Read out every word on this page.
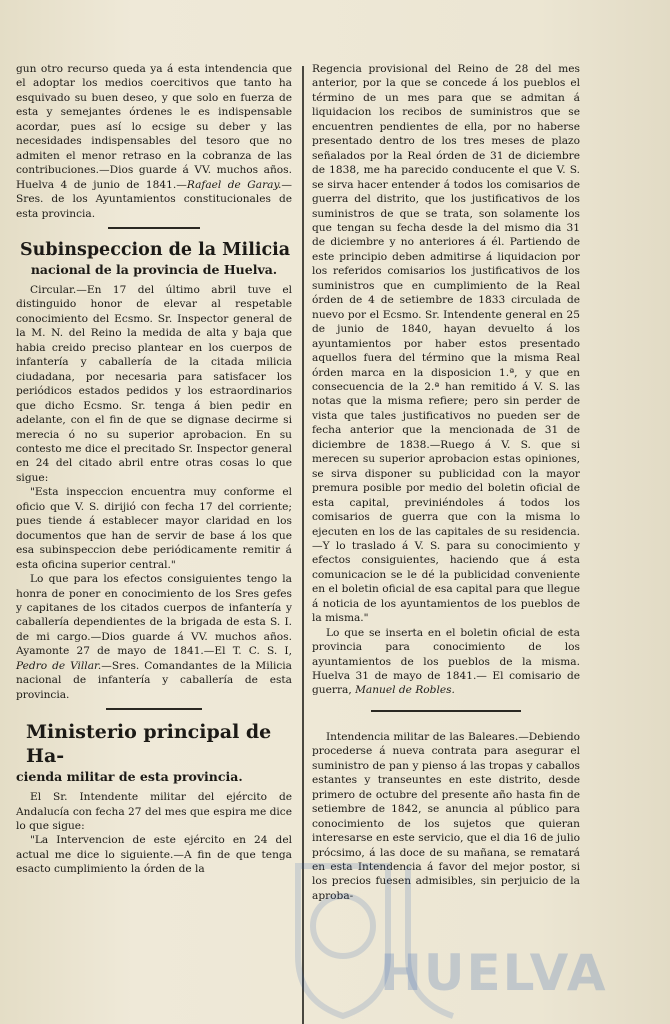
gun otro recurso queda ya á esta intendencia que el adoptar los medios coercitivos que tanto ha esquivado su buen deseo, y que solo en fuerza de esta y semejantes órdenes le es indispensable acordar, pues así lo ecsige su deber y las necesidades indispensables del tesoro que no admiten el menor retraso en la cobranza de las contribuciones.—Dios guarde á VV. muchos años. Huelva 4 de junio de 1841.—Rafael de Garay.—Sres. de los Ayuntamientos constitucionales de esta provincia.

Subinspeccion de la Milicia
nacional de la provincia de Huelva.

Circular.—En 17 del último abril tuve el distinguido honor de elevar al respetable conocimiento del Ecsmo. Sr. Inspector general de la M. N. del Reino la medida de alta y baja que habia creido preciso plantear en los cuerpos de infantería y caballería de la citada milicia ciudadana, por necesaria para satisfacer los periódicos estados pedidos y los estraordinarios que dicho Ecsmo. Sr. tenga á bien pedir en adelante, con el fin de que se dignase decirme si merecia ó no su superior aprobacion. En su contesto me dice el precitado Sr. Inspector general en 24 del citado abril entre otras cosas lo que sigue:

"Esta inspeccion encuentra muy conforme el oficio que V. S. dirijió con fecha 17 del corriente; pues tiende á establecer mayor claridad en los documentos que han de servir de base á los que esa subinspeccion debe periódicamente remitir á esta oficina superior central."

Lo que para los efectos consiguientes tengo la honra de poner en conocimiento de los Sres gefes y capitanes de los citados cuerpos de infantería y caballería dependientes de la brigada de esta S. I. de mi cargo.—Dios guarde á VV. muchos años. Ayamonte 27 de mayo de 1841.—El T. C. S. I, Pedro de Villar.—Sres. Comandantes de la Milicia nacional de infantería y caballería de esta provincia.

Ministerio principal de Ha-
cienda militar de esta provincia.

El Sr. Intendente militar del ejército de Andalucía con fecha 27 del mes que espira me dice lo que sigue:

"La Intervencion de este ejército en 24 del actual me dice lo siguiente.—A fin de que tenga esacto cumplimiento la órden de la

Regencia provisional del Reino de 28 del mes anterior, por la que se concede á los pueblos el término de un mes para que se admitan á liquidacion los recibos de suministros que se encuentren pendientes de ella, por no haberse presentado dentro de los tres meses de plazo señalados por la Real órden de 31 de diciembre de 1838, me ha parecido conducente el que V. S. se sirva hacer entender á todos los comisarios de guerra del distrito, que los justificativos de los suministros de que se trata, son solamente los que tengan su fecha desde la del mismo dia 31 de diciembre y no anteriores á él. Partiendo de este principio deben admitirse á liquidacion por los referidos comisarios los justificativos de los suministros que en cumplimiento de la Real órden de 4 de setiembre de 1833 circulada de nuevo por el Ecsmo. Sr. Intendente general en 25 de junio de 1840, hayan devuelto á los ayuntamientos por haber estos presentado aquellos fuera del término que la misma Real órden marca en la disposicion 1.ª, y que en consecuencia de la 2.ª han remitido á V. S. las notas que la misma refiere; pero sin perder de vista que tales justificativos no pueden ser de fecha anterior que la mencionada de 31 de diciembre de 1838.—Ruego á V. S. que si merecen su superior aprobacion estas opiniones, se sirva disponer su publicidad con la mayor premura posible por medio del boletin oficial de esta capital, previniéndoles á todos los comisarios de guerra que con la misma lo ejecuten en los de las capitales de su residencia.—Y lo traslado á V. S. para su conocimiento y efectos consiguientes, haciendo que á esta comunicacion se le dé la publicidad conveniente en el boletin oficial de esa capital para que llegue á noticia de los ayuntamientos de los pueblos de la misma."

Lo que se inserta en el boletin oficial de esta provincia para conocimiento de los ayuntamientos de los pueblos de la misma. Huelva 31 de mayo de 1841.— El comisario de guerra, Manuel de Robles.

Intendencia militar de las Baleares.—Debiendo procederse á nueva contrata para asegurar el suministro de pan y pienso á las tropas y caballos estantes y transeuntes en este distrito, desde primero de octubre del presente año hasta fin de setiembre de 1842, se anuncia al público para conocimiento de los sujetos que quieran interesarse en este servicio, que el dia 16 de julio prócsimo, á las doce de su mañana, se rematará en esta Intendencia á favor del mejor postor, si los precios fuesen admisibles, sin perjuicio de la aproba-

HUELVA
